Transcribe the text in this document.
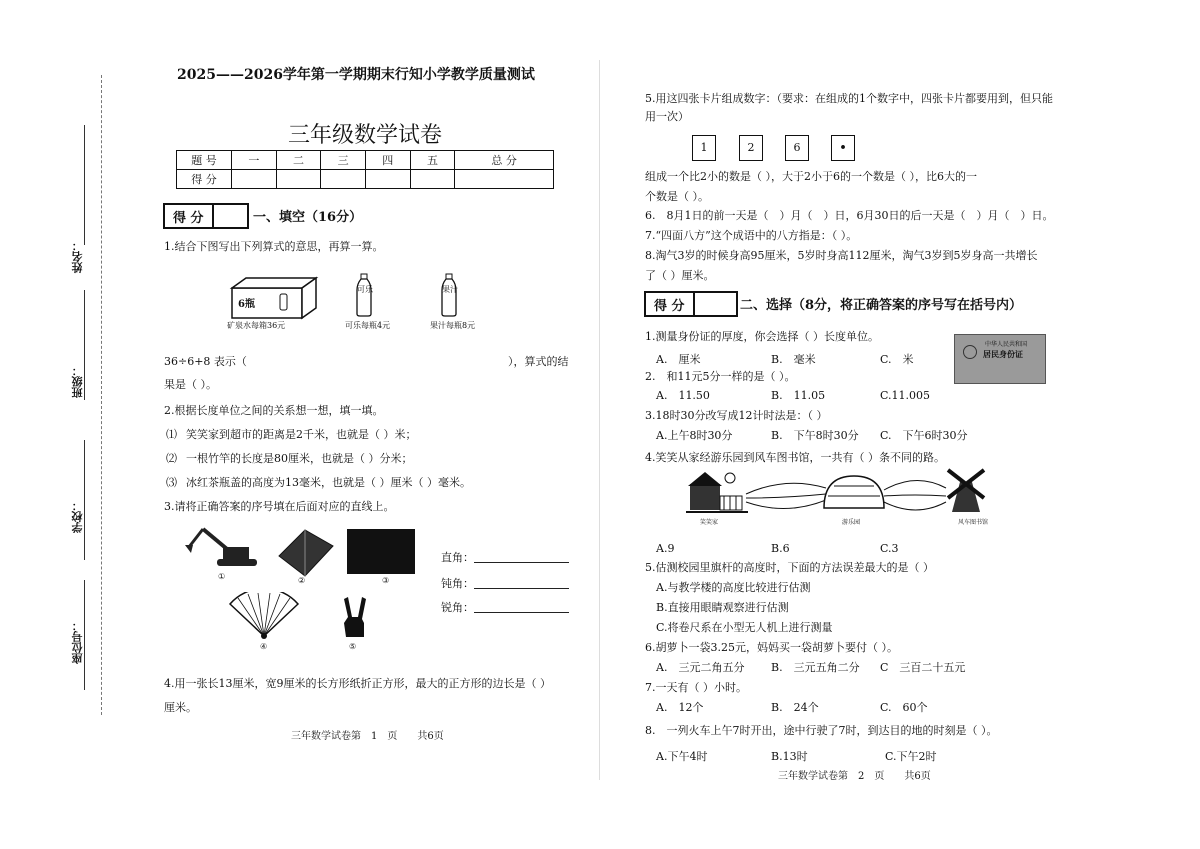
姓名：
班级：
学校：
座位号：
2025——2026学年第一学期期末行知小学教学质量测试
三年级数学试卷
题 号	一	二	三	四	五	总 分
得 分						
得 分	一、填空（16分）
1.结合下图写出下列算式的意思，再算一算。
6瓶
可乐	果汁
矿泉水每箱36元	可乐每瓶4元	果汁每瓶8元
36÷6+8 表示（	），算式的结
果是（ ）。
2.根据长度单位之间的关系想一想，填一填。
⑴ 笑笑家到超市的距离是2千米，也就是（ ）米；
⑵ 一根竹竿的长度是80厘米，也就是（ ）分米；
⑶ 冰红茶瓶盖的高度为13毫米，也就是（ ）厘米（ ）毫米。
3.请将正确答案的序号填在后面对应的直线上。
①	②	③
④	⑤
直角：
钝角：
锐角：
4.用一张长13厘米，宽9厘米的长方形纸折正方形，最大的正方形的边长是（ ）
厘米。
三年数学试卷第　1　页　　共6页
5.用这四张卡片组成数字：（要求：在组成的1个数字中，四张卡片都要用到，但只能
用一次）
1	2	6	•
组成一个比2小的数是（ ），大于2小于6的一个数是（ ），比6大的一
个数是（ ）。
6.　8月1日的前一天是（　）月（　）日，6月30日的后一天是（　）月（　）日。
7.“四面八方”这个成语中的八方指是：（ ）。
8.淘气3岁的时候身高95厘米，5岁时身高112厘米，淘气3岁到5岁身高一共增长
了（ ）厘米。
得 分	二、选择（8分，将正确答案的序号写在括号内）
1.测量身份证的厚度，你会选择（ ）长度单位。
A.　厘米	B.　毫米	C.　米
中华人民共和国
居民身份证
2.　和11元5分一样的是（ ）。
A.　11.50	B.　11.05	C.11.005
3.18时30分改写成12计时法是：（ ）
A.上午8时30分	B.　下午8时30分 C.　下午6时30分
4.笑笑从家经游乐园到风车图书馆，一共有（ ）条不同的路。
笑笑家	游乐园	风车图书馆
A.9	B.6	C.3
5.估测校园里旗杆的高度时，下面的方法误差最大的是（ ）
A.与教学楼的高度比较进行估测
B.直接用眼睛观察进行估测
C.将卷尺系在小型无人机上进行测量
6.胡萝卜一袋3.25元，妈妈买一袋胡萝卜要付（ ）。
A.　三元二角五分 B.　三元五角二分 C　三百二十五元
7.一天有（ ）小时。
A.　12个	B.　24个	C.　60个
8.　一列火车上午7时开出，途中行驶了7时，到达目的地的时刻是（ ）。
A.下午4时	B.13时	C.下午2时
三年数学试卷第　2　页　　共6页
